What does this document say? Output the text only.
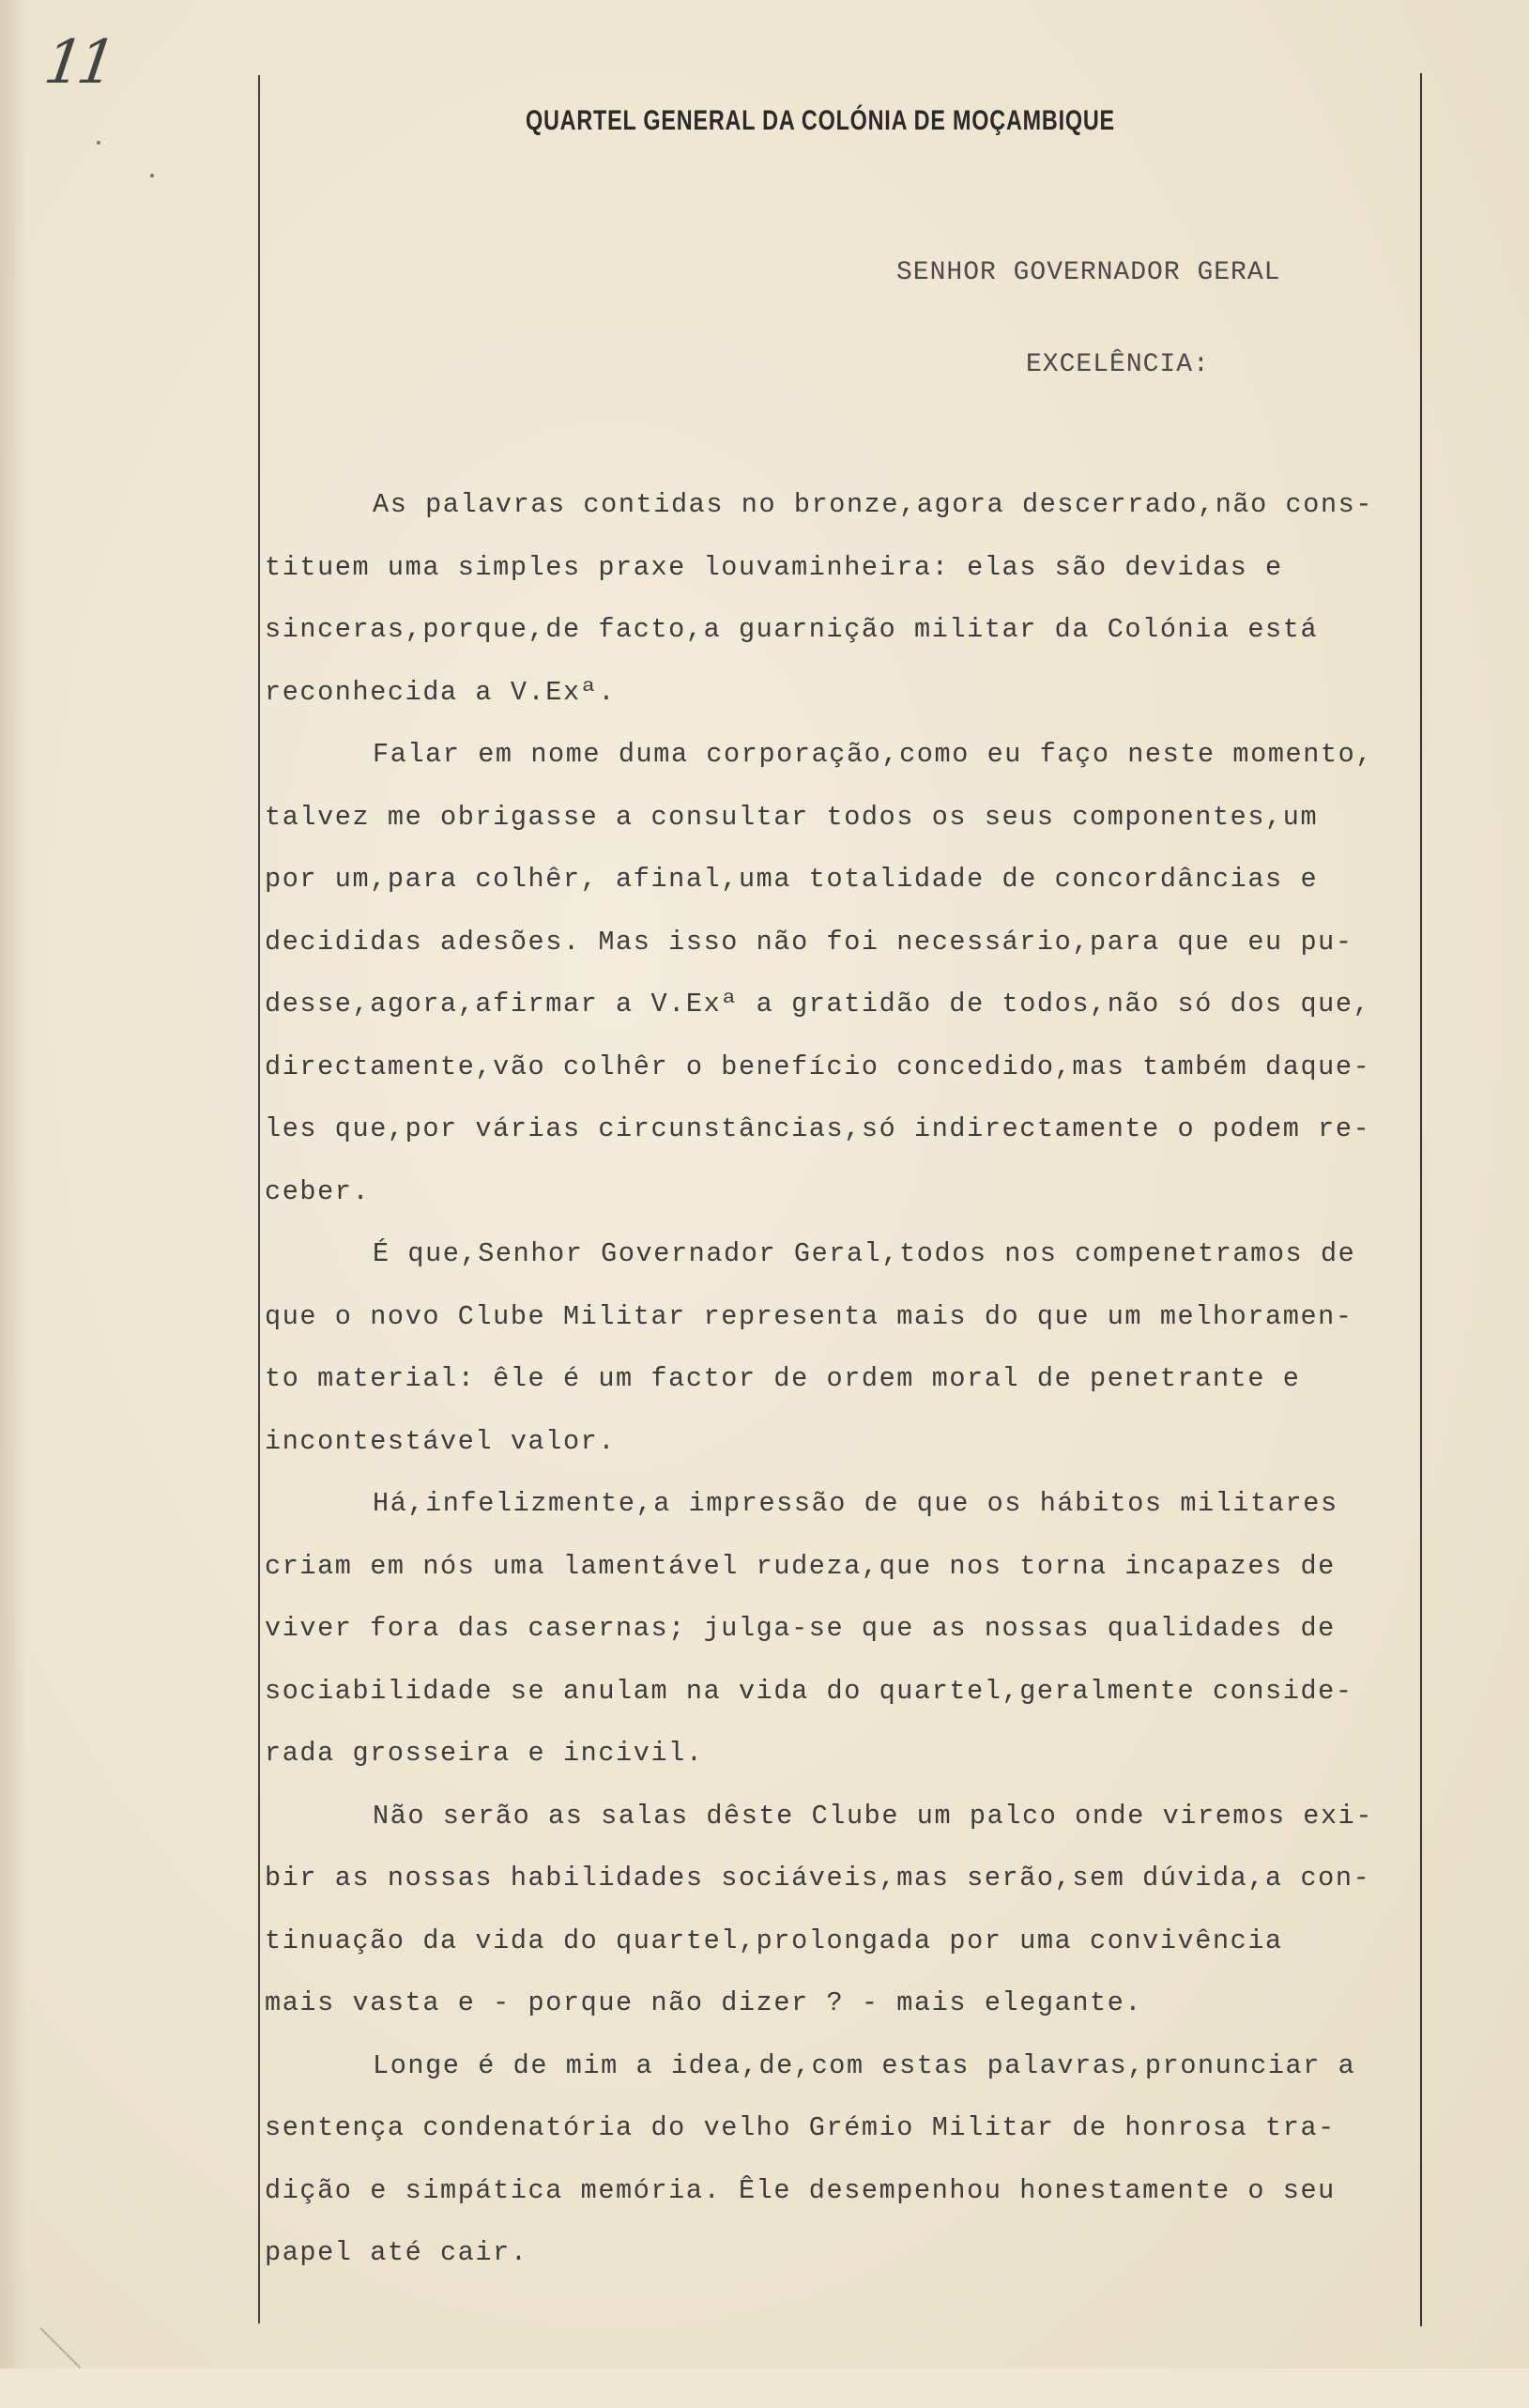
11
QUARTEL GENERAL DA COLÓNIA DE MOÇAMBIQUE
SENHOR GOVERNADOR GERAL
EXCELÊNCIA:
As palavras contidas no bronze,agora descerrado,não cons-
tituem uma simples praxe louvaminheira: elas são devidas e
sinceras,porque,de facto,a guarnição militar da Colónia está
reconhecida a V.Exª.
Falar em nome duma corporação,como eu faço neste momento,
talvez me obrigasse a consultar todos os seus componentes,um
por um,para colhêr, afinal,uma totalidade de concordâncias e
decididas adesões. Mas isso não foi necessário,para que eu pu-
desse,agora,afirmar a V.Exª a gratidão de todos,não só dos que,
directamente,vão colhêr o benefício concedido,mas também daque-
les que,por várias circunstâncias,só indirectamente o podem re-
ceber.
É que,Senhor Governador Geral,todos nos compenetramos de
que o novo Clube Militar representa mais do que um melhoramen-
to material: êle é um factor de ordem moral de penetrante e
incontestável valor.
Há,infelizmente,a impressão de que os hábitos militares
criam em nós uma lamentável rudeza,que nos torna incapazes de
viver fora das casernas; julga-se que as nossas qualidades de
sociabilidade se anulam na vida do quartel,geralmente conside-
rada grosseira e incivil.
Não serão as salas dêste Clube um palco onde viremos exi-
bir as nossas habilidades sociáveis,mas serão,sem dúvida,a con-
tinuação da vida do quartel,prolongada por uma convivência
mais vasta e - porque não dizer ? - mais elegante.
Longe é de mim a idea,de,com estas palavras,pronunciar a
sentença condenatória do velho Grémio Militar de honrosa tra-
dição e simpática memória. Êle desempenhou honestamente o seu
papel até cair.
